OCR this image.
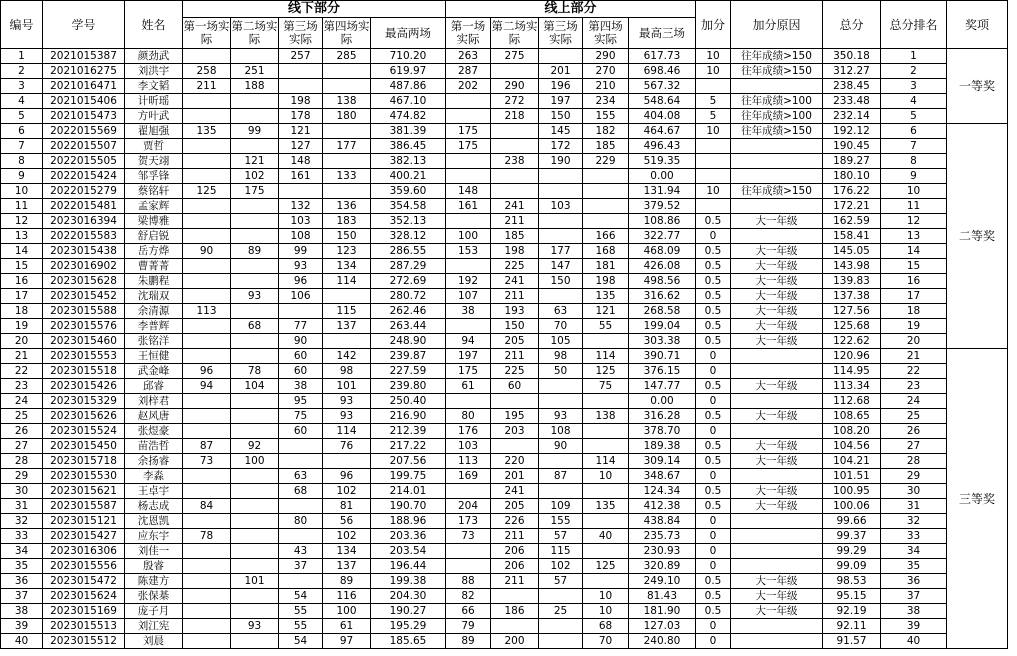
编号	学号	姓名	线下部分					线上部分					加分	加分原因	总分	总分排名	奖项
			第一场实际	第二场实际	第三场实际	第四场实际	最高两场	第一场实际	第二场实际	第三场实际	第四场实际	最高三场					
1	2021015387	颜劲武			257	285	710.20	263	275		290	617.73	10	往年成绩>150	350.18	1	一等奖
2	2021016275	刘洪宇	258	251			619.97	287		201	270	698.46	10	往年成绩>150	312.27	2	
3	2021016471	李文韬	211	188			487.86	202	290	196	210	567.32			238.45	3	
4	2021015406	计昕瑶			198	138	467.10		272	197	234	548.64	5	往年成绩>100	233.48	4	
5	2021015473	方叶武			178	180	474.82		218	150	155	404.08	5	往年成绩>100	232.14	5	
6	2022015569	翟旭强	135	99	121		381.39	175		145	182	464.67	10	往年成绩>150	192.12	6	二等奖
7	2022015507	贾哲			127	177	386.45	175		172	185	496.43			190.45	7	
8	2022015505	贺天翊		121	148		382.13		238	190	229	519.35			189.27	8	
9	2022015424	邹孚锋		102	161	133	400.21					0.00			180.10	9	
10	2022015279	蔡铭轩	125	175			359.60	148				131.94	10	往年成绩>150	176.22	10	
11	2022015481	孟家辉			132	136	354.58	161	241	103		379.52			172.21	11	
12	2023016394	梁博雅			103	183	352.13		211			108.86	0.5	大一年级	162.59	12	
13	2022015583	舒启锐			108	150	328.12	100	185		166	322.77	0		158.41	13	
14	2023015438	岳方烨	90	89	99	123	286.55	153	198	177	168	468.09	0.5	大一年级	145.05	14	
15	2023016902	曹菁菁			93	134	287.29		225	147	181	426.08	0.5	大一年级	143.98	15	
16	2023015628	朱鹏程			96	114	272.69	192	241	150	198	498.56	0.5	大一年级	139.83	16	
17	2023015452	沈瑞双		93	106		280.72	107	211		135	316.62	0.5	大一年级	137.38	17	
18	2023015588	余清源	113			115	262.46	38	193	63	121	268.58	0.5	大一年级	127.56	18	
19	2023015576	李普辉		68	77	137	263.44		150	70	55	199.04	0.5	大一年级	125.68	19	
20	2023015460	张铭洋			90		248.90	94	205	105		303.38	0.5	大一年级	122.62	20	
21	2023015553	王恒健			60	142	239.87	197	211	98	114	390.71	0		120.96	21	三等奖
22	2023015518	武金峰	96	78	60	98	227.59	175	225	50	125	376.15	0		114.95	22	
23	2023015426	邱睿	94	104	38	101	239.80	61	60		75	147.77	0.5	大一年级	113.34	23	
24	2023015329	刘梓君			95	93	250.40					0.00	0		112.68	24	
25	2023015626	赵风唐			75	93	216.90	80	195	93	138	316.28	0.5	大一年级	108.65	25	
26	2023015524	张煜豪			60	114	212.39	176	203	108		378.70	0		108.20	26	
27	2023015450	苗浩哲	87	92		76	217.22	103		90		189.38	0.5	大一年级	104.56	27	
28	2023015718	余扬睿	73	100			207.56	113	220		114	309.14	0.5	大一年级	104.21	28	
29	2023015530	李淼			63	96	199.75	169	201	87	10	348.67	0		101.51	29	
30	2023015621	王卓宇			68	102	214.01		241			124.34	0.5	大一年级	100.95	30	
31	2023015587	杨志成	84			81	190.70	204	205	109	135	412.38	0.5	大一年级	100.06	31	
32	2023015121	沈恩凯			80	56	188.96	173	226	155		438.84	0		99.66	32	
33	2023015427	应东宇	78			102	203.36	73	211	57	40	235.73	0		99.37	33	
34	2023016306	刘佳一			43	134	203.54		206	115		230.93	0		99.29	34	
35	2023015556	殷睿			37	137	196.44		206	102	125	320.89	0		99.09	35	
36	2023015472	陈建方		101		89	199.38	88	211	57		249.10	0.5	大一年级	98.53	36	
37	2023015624	张保棊			54	116	204.30	82			10	81.43	0.5	大一年级	95.15	37	
38	2023015169	庞子月			55	100	190.27	66	186	25	10	181.90	0.5	大一年级	92.19	38	
39	2023015513	刘江宪		93	55	61	195.29	79			68	127.03	0		92.11	39	
40	2023015512	刘晨			54	97	185.65	89	200		70	240.80	0		91.57	40	
